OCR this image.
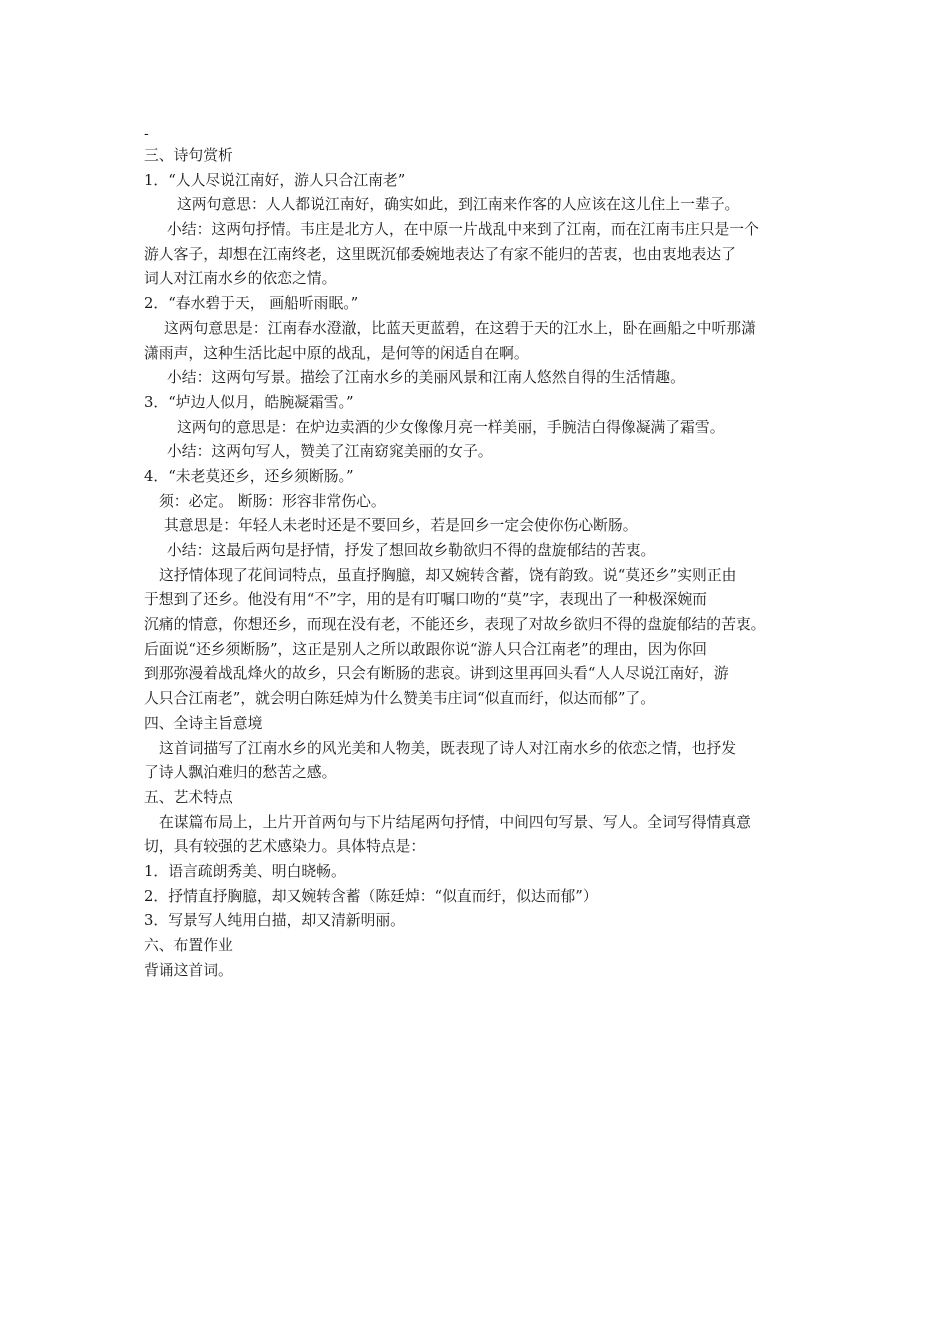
-
三、诗句赏析
1．“人人尽说江南好，游人只合江南老”
这两句意思：人人都说江南好，确实如此，到江南来作客的人应该在这儿住上一辈子。
小结：这两句抒情。韦庄是北方人，在中原一片战乱中来到了江南，而在江南韦庄只是一个
游人客子，却想在江南终老，这里既沉郁委婉地表达了有家不能归的苦衷，也由衷地表达了
词人对江南水乡的依恋之情。
2．“春水碧于天， 画船听雨眠。”
这两句意思是：江南春水澄澈，比蓝天更蓝碧，在这碧于天的江水上，卧在画船之中听那潇
潇雨声，这种生活比起中原的战乱，是何等的闲适自在啊。
小结：这两句写景。描绘了江南水乡的美丽风景和江南人悠然自得的生活情趣。
3．“垆边人似月，皓腕凝霜雪。”
这两句的意思是：在炉边卖酒的少女像像月亮一样美丽，手腕洁白得像凝满了霜雪。
小结：这两句写人，赞美了江南窈窕美丽的女子。
4．“未老莫还乡，还乡须断肠。”
须：必定。 断肠：形容非常伤心。
其意思是：年轻人未老时还是不要回乡，若是回乡一定会使你伤心断肠。
小结：这最后两句是抒情，抒发了想回故乡勒欲归不得的盘旋郁结的苦衷。
这抒情体现了花间词特点，虽直抒胸臆，却又婉转含蓄，饶有韵致。说“莫还乡”实则正由
于想到了还乡。他没有用“不”字，用的是有叮嘱口吻的“莫”字，表现出了一种极深婉而
沉痛的情意，你想还乡，而现在没有老，不能还乡，表现了对故乡欲归不得的盘旋郁结的苦衷。
后面说“还乡须断肠”，这正是别人之所以敢跟你说“游人只合江南老”的理由，因为你回
到那弥漫着战乱烽火的故乡，只会有断肠的悲哀。讲到这里再回头看“人人尽说江南好，游
人只合江南老”，就会明白陈廷焯为什么赞美韦庄词“似直而纡，似达而郁”了。
四、全诗主旨意境
这首词描写了江南水乡的风光美和人物美，既表现了诗人对江南水乡的依恋之情，也抒发
了诗人飘泊难归的愁苦之感。
五、艺术特点
在谋篇布局上，上片开首两句与下片结尾两句抒情，中间四句写景、写人。全词写得情真意
切，具有较强的艺术感染力。具体特点是：
1．语言疏朗秀美、明白晓畅。
2．抒情直抒胸臆，却又婉转含蓄（陈廷焯：“似直而纡，似达而郁”）
3．写景写人纯用白描，却又清新明丽。
六、布置作业
背诵这首词。
